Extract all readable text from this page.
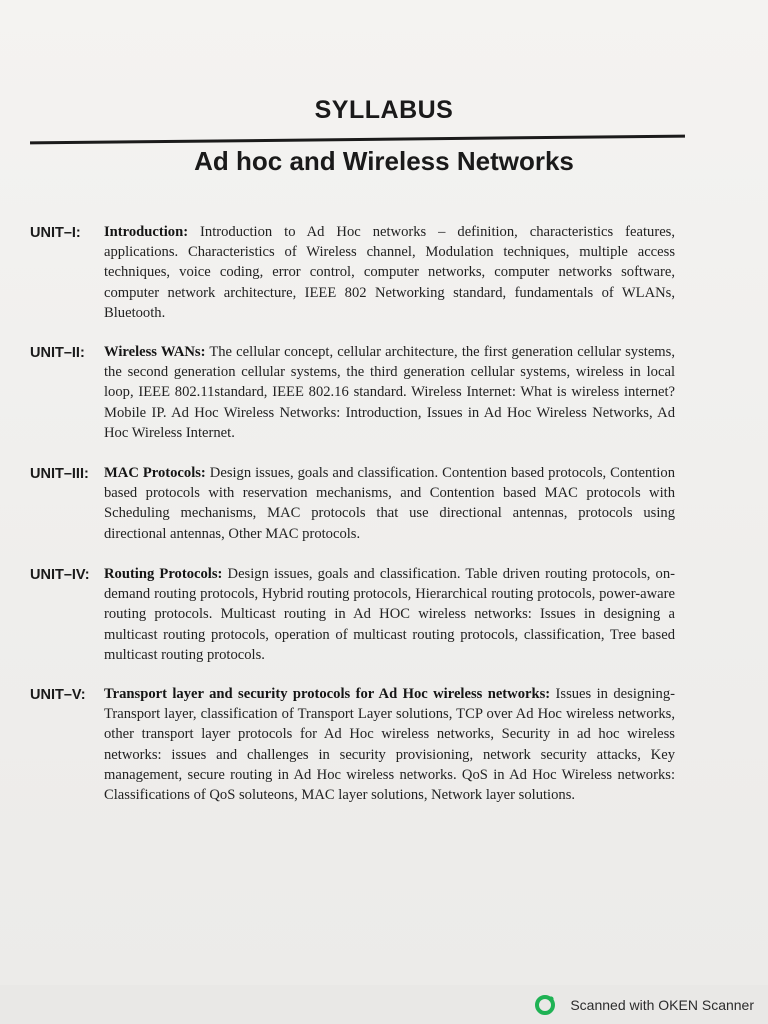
SYLLABUS
Ad hoc and Wireless Networks
UNIT–I:	Introduction: Introduction to Ad Hoc networks – definition, characteristics features, applications. Characteristics of Wireless channel, Modulation techniques, multiple access techniques, voice coding, error control, computer networks, computer networks software, computer network architecture, IEEE 802 Networking standard, fundamentals of WLANs, Bluetooth.
UNIT–II:	Wireless WANs: The cellular concept, cellular architecture, the first generation cellular systems, the second generation cellular systems, the third generation cellular systems, wireless in local loop, IEEE 802.11standard, IEEE 802.16 standard. Wireless Internet: What is wireless internet? Mobile IP. Ad Hoc Wireless Networks: Introduction, Issues in Ad Hoc Wireless Networks, Ad Hoc Wireless Internet.
UNIT–III:	MAC Protocols: Design issues, goals and classification. Contention based protocols, Contention based protocols with reservation mechanisms, and Contention based MAC protocols with Scheduling mechanisms, MAC protocols that use directional antennas, protocols using directional antennas, Other MAC protocols.
UNIT–IV: Routing Protocols: Design issues, goals and classification. Table driven routing protocols, on-demand routing protocols, Hybrid routing protocols, Hierarchical routing protocols, power-aware routing protocols. Multicast routing in Ad HOC wireless networks: Issues in designing a multicast routing protocols, operation of multicast routing protocols, classification, Tree based multicast routing protocols.
UNIT–V:	Transport layer and security protocols for Ad Hoc wireless networks: Issues in designing- Transport layer, classification of Transport Layer solutions, TCP over Ad Hoc wireless networks, other transport layer protocols for Ad Hoc wireless networks, Security in ad hoc wireless networks: issues and challenges in security provisioning, network security attacks, Key management, secure routing in Ad Hoc wireless networks. QoS in Ad Hoc Wireless networks: Classifications of QoS soluteons, MAC layer solutions, Network layer solutions.
Scanned with OKEN Scanner
